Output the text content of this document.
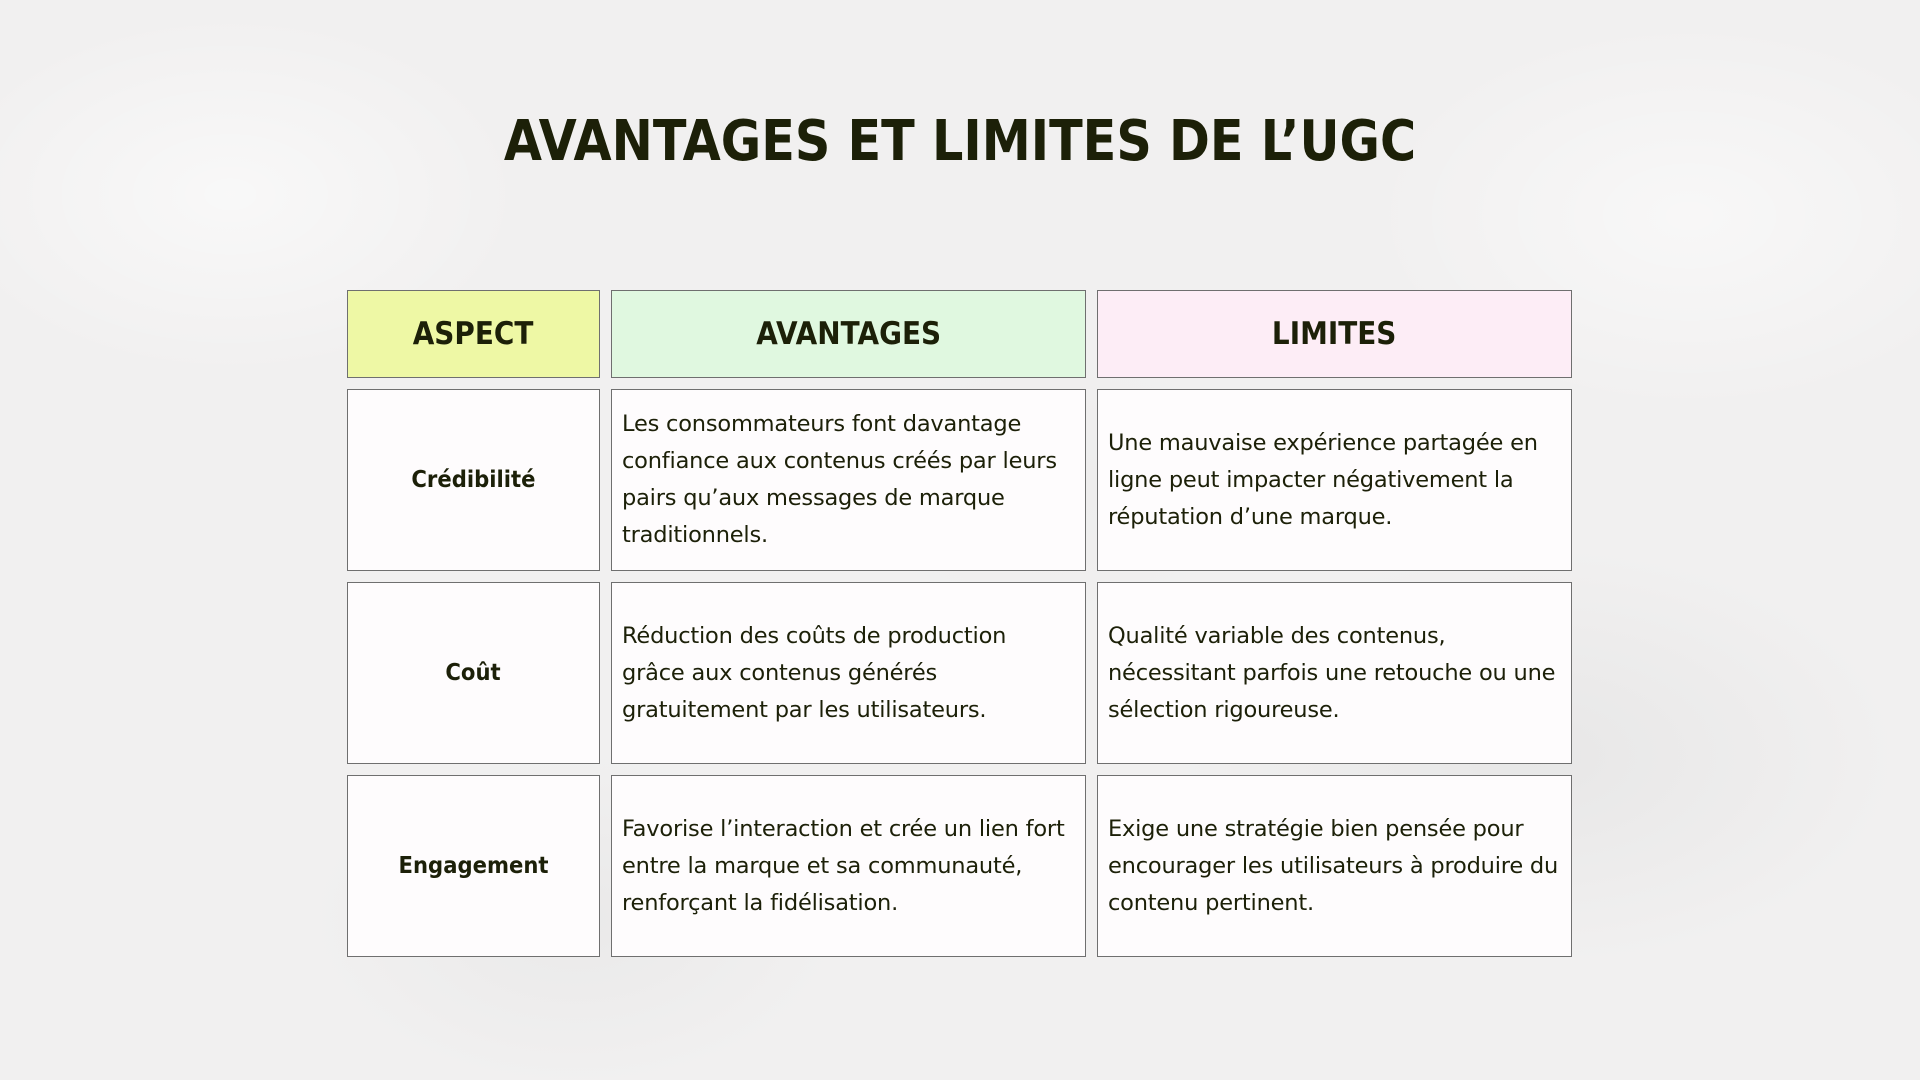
AVANTAGES ET LIMITES DE L’UGC
ASPECT	AVANTAGES	LIMITES
Crédibilité
Les consommateurs font davantage confiance aux contenus créés par leurs pairs qu’aux messages de marque traditionnels.
Une mauvaise expérience partagée en ligne peut impacter négativement la réputation d’une marque.
Coût
Réduction des coûts de production grâce aux contenus générés gratuitement par les utilisateurs.
Qualité variable des contenus, nécessitant parfois une retouche ou une sélection rigoureuse.
Engagement
Favorise l’interaction et crée un lien fort entre la marque et sa communauté, renforçant la fidélisation.
Exige une stratégie bien pensée pour encourager les utilisateurs à produire du contenu pertinent.
